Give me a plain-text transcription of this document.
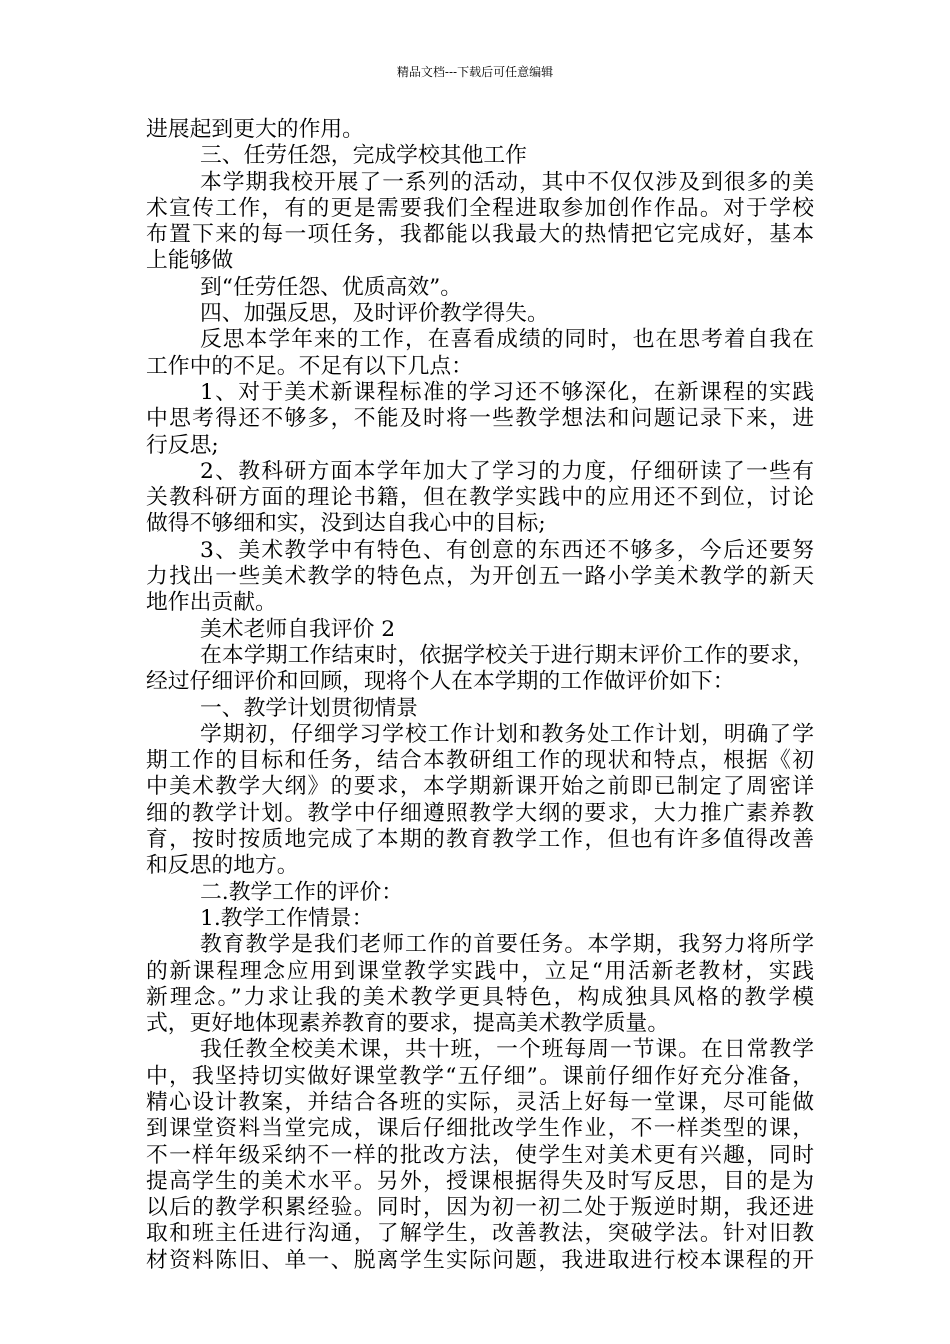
精品文档---下载后可任意编辑
进展起到更大的作用。
三、任劳任怨，完成学校其他工作
本学期我校开展了一系列的活动，其中不仅仅涉及到很多的美
术宣传工作，有的更是需要我们全程进取参加创作作品。对于学校
布置下来的每一项任务，我都能以我最大的热情把它完成好，基本
上能够做
到“任劳任怨、优质高效”。
四、加强反思，及时评价教学得失。
反思本学年来的工作，在喜看成绩的同时，也在思考着自我在
工作中的不足。不足有以下几点：
1、对于美术新课程标准的学习还不够深化，在新课程的实践
中思考得还不够多，不能及时将一些教学想法和问题记录下来，进
行反思;
2、教科研方面本学年加大了学习的力度，仔细研读了一些有
关教科研方面的理论书籍，但在教学实践中的应用还不到位，讨论
做得不够细和实，没到达自我心中的目标;
3、美术教学中有特色、有创意的东西还不够多，今后还要努
力找出一些美术教学的特色点，为开创五一路小学美术教学的新天
地作出贡献。
美术老师自我评价 2
在本学期工作结束时，依据学校关于进行期末评价工作的要求，
经过仔细评价和回顾，现将个人在本学期的工作做评价如下：
一、教学计划贯彻情景
学期初，仔细学习学校工作计划和教务处工作计划，明确了学
期工作的目标和任务，结合本教研组工作的现状和特点，根据《初
中美术教学大纲》的要求，本学期新课开始之前即已制定了周密详
细的教学计划。教学中仔细遵照教学大纲的要求，大力推广素养教
育，按时按质地完成了本期的教育教学工作，但也有许多值得改善
和反思的地方。
二.教学工作的评价：
1.教学工作情景：
教育教学是我们老师工作的首要任务。本学期，我努力将所学
的新课程理念应用到课堂教学实践中，立足“用活新老教材，实践
新理念。”力求让我的美术教学更具特色，构成独具风格的教学模
式，更好地体现素养教育的要求，提高美术教学质量。
我任教全校美术课，共十班，一个班每周一节课。在日常教学
中，我坚持切实做好课堂教学“五仔细”。课前仔细作好充分准备，
精心设计教案，并结合各班的实际，灵活上好每一堂课，尽可能做
到课堂资料当堂完成，课后仔细批改学生作业，不一样类型的课，
不一样年级采纳不一样的批改方法，使学生对美术更有兴趣，同时
提高学生的美术水平。另外，授课根据得失及时写反思，目的是为
以后的教学积累经验。同时，因为初一初二处于叛逆时期，我还进
取和班主任进行沟通，了解学生，改善教法，突破学法。针对旧教
材资料陈旧、单一、脱离学生实际问题，我进取进行校本课程的开
